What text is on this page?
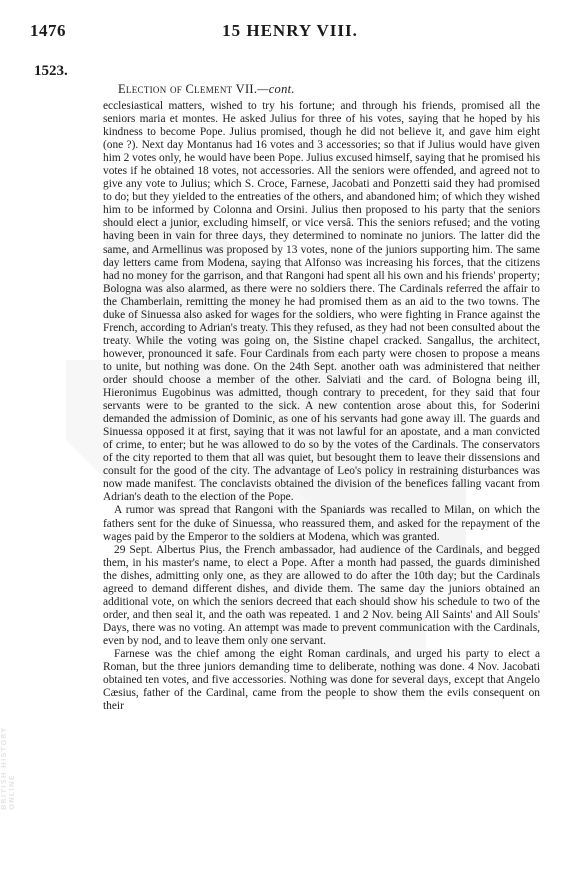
BRITISH HISTORY ONLINE
1476	15 HENRY VIII.
1523.
Election of Clement VII.—cont.

ecclesiastical matters, wished to try his fortune; and through his friends, promised all the seniors maria et montes. He asked Julius for three of his votes, saying that he hoped by his kindness to become Pope. Julius promised, though he did not believe it, and gave him eight (one ?). Next day Montanus had 16 votes and 3 accessories; so that if Julius would have given him 2 votes only, he would have been Pope. Julius excused himself, saying that he promised his votes if he obtained 18 votes, not accessories. All the seniors were offended, and agreed not to give any vote to Julius; which S. Croce, Farnese, Jacobati and Ponzetti said they had promised to do; but they yielded to the entreaties of the others, and abandoned him; of which they wished him to be informed by Colonna and Orsini. Julius then proposed to his party that the seniors should elect a junior, excluding himself, or vice versâ. This the seniors refused; and the voting having been in vain for three days, they determined to nominate no juniors. The latter did the same, and Armellinus was proposed by 13 votes, none of the juniors supporting him. The same day letters came from Modena, saying that Alfonso was increasing his forces, that the citizens had no money for the garrison, and that Rangoni had spent all his own and his friends' property; Bologna was also alarmed, as there were no soldiers there. The Cardinals referred the affair to the Chamberlain, remitting the money he had promised them as an aid to the two towns. The duke of Sinuessa also asked for wages for the soldiers, who were fighting in France against the French, according to Adrian's treaty. This they refused, as they had not been consulted about the treaty. While the voting was going on, the Sistine chapel cracked. Sangallus, the architect, however, pronounced it safe. Four Cardinals from each party were chosen to propose a means to unite, but nothing was done. On the 24th Sept. another oath was administered that neither order should choose a member of the other. Salviati and the card. of Bologna being ill, Hieronimus Eugobinus was admitted, though contrary to precedent, for they said that four servants were to be granted to the sick. A new contention arose about this, for Soderini demanded the admission of Dominic, as one of his servants had gone away ill. The guards and Sinuessa opposed it at first, saying that it was not lawful for an apostate, and a man convicted of crime, to enter; but he was allowed to do so by the votes of the Cardinals. The conservators of the city reported to them that all was quiet, but besought them to leave their dissensions and consult for the good of the city. The advantage of Leo's policy in restraining disturbances was now made manifest. The conclavists obtained the division of the benefices falling vacant from Adrian's death to the election of the Pope.

A rumor was spread that Rangoni with the Spaniards was recalled to Milan, on which the fathers sent for the duke of Sinuessa, who reassured them, and asked for the repayment of the wages paid by the Emperor to the soldiers at Modena, which was granted.

29 Sept. Albertus Pius, the French ambassador, had audience of the Cardinals, and begged them, in his master's name, to elect a Pope. After a month had passed, the guards diminished the dishes, admitting only one, as they are allowed to do after the 10th day; but the Cardinals agreed to demand different dishes, and divide them. The same day the juniors obtained an additional vote, on which the seniors decreed that each should show his schedule to two of the order, and then seal it, and the oath was repeated. 1 and 2 Nov. being All Saints' and All Souls' Days, there was no voting. An attempt was made to prevent communication with the Cardinals, even by nod, and to leave them only one servant.

Farnese was the chief among the eight Roman cardinals, and urged his party to elect a Roman, but the three juniors demanding time to deliberate, nothing was done. 4 Nov. Jacobati obtained ten votes, and five accessories. Nothing was done for several days, except that Angelo Cæsius, father of the Cardinal, came from the people to show them the evils consequent on their
